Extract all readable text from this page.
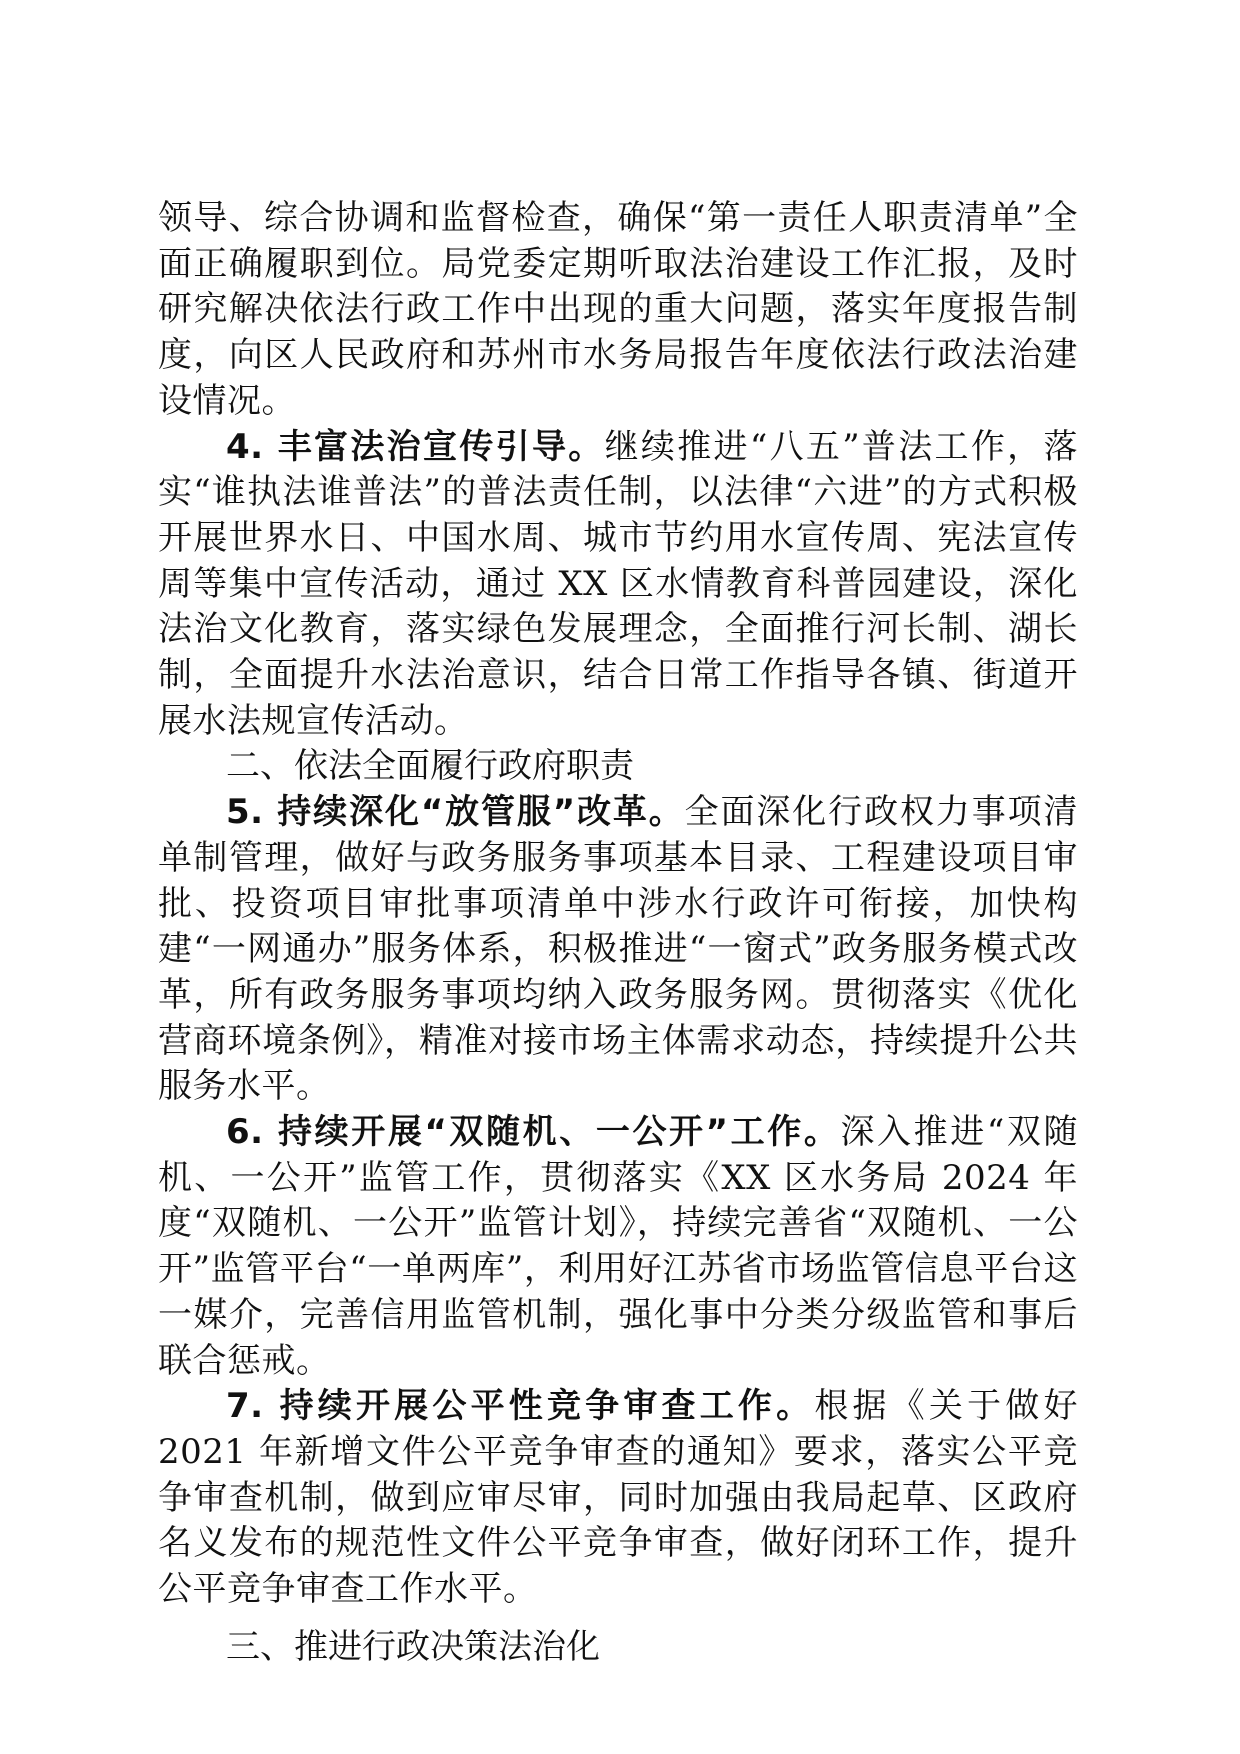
领导、综合协调和监督检查，确保“第一责任人职责清单”全面正确履职到位。局党委定期听取法治建设工作汇报，及时研究解决依法行政工作中出现的重大问题，落实年度报告制度，向区人民政府和苏州市水务局报告年度依法行政法治建设情况。

4. 丰富法治宣传引导。继续推进“八五”普法工作，落实“谁执法谁普法”的普法责任制，以法律“六进”的方式积极开展世界水日、中国水周、城市节约用水宣传周、宪法宣传周等集中宣传活动，通过 XX 区水情教育科普园建设，深化法治文化教育，落实绿色发展理念，全面推行河长制、湖长制，全面提升水法治意识，结合日常工作指导各镇、街道开展水法规宣传活动。

二、依法全面履行政府职责

5. 持续深化“放管服”改革。全面深化行政权力事项清单制管理，做好与政务服务事项基本目录、工程建设项目审批、投资项目审批事项清单中涉水行政许可衔接，加快构建“一网通办”服务体系，积极推进“一窗式”政务服务模式改革，所有政务服务事项均纳入政务服务网。贯彻落实《优化营商环境条例》，精准对接市场主体需求动态，持续提升公共服务水平。

6. 持续开展“双随机、一公开”工作。深入推进“双随机、一公开”监管工作，贯彻落实《XX 区水务局 2024 年度“双随机、一公开”监管计划》，持续完善省“双随机、一公开”监管平台“一单两库”，利用好江苏省市场监管信息平台这一媒介，完善信用监管机制，强化事中分类分级监管和事后联合惩戒。

7. 持续开展公平性竞争审查工作。根据《关于做好 2021 年新增文件公平竞争审查的通知》要求，落实公平竞争审查机制，做到应审尽审，同时加强由我局起草、区政府名义发布的规范性文件公平竞争审查，做好闭环工作，提升公平竞争审查工作水平。

三、推进行政决策法治化
